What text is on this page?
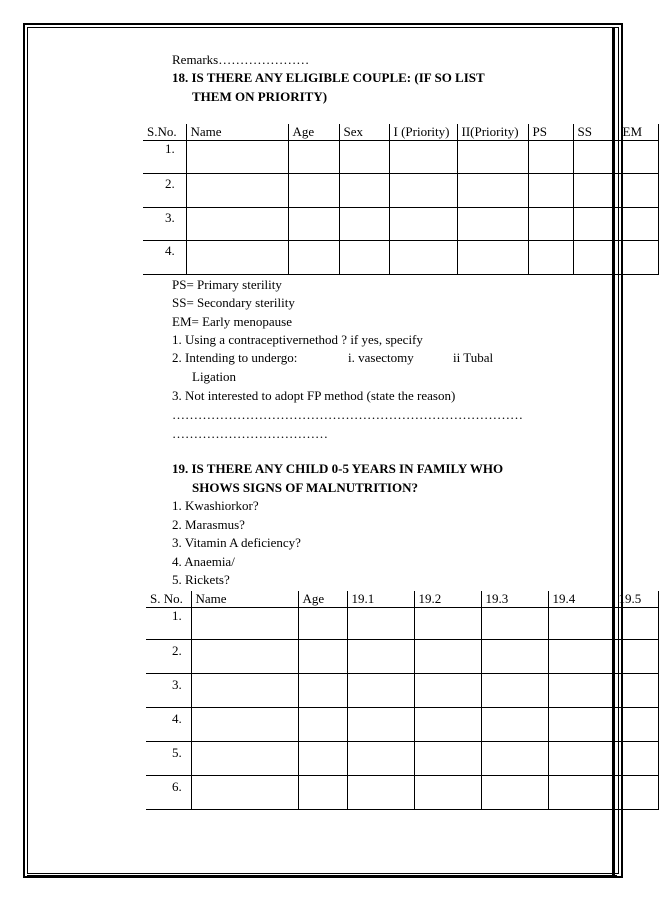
Remarks…………………
18. IS THERE ANY ELIGIBLE COUPLE: (IF SO LIST
THEM ON PRIORITY)
S.No.	Name	Age	Sex	I (Priority)	II(Priority)	PS	SS	EM
1.								
2.								
3.								
4.								
PS= Primary sterility
SS= Secondary sterility
EM= Early menopause
1. Using a contraceptivernethod ? if yes, specify
2. Intending to undergo:	i. vasectomy	ii Tubal
Ligation
3. Not interested to adopt FP method (state the reason)
………………………………………………………………………
………………………………
19. IS THERE ANY CHILD 0-5 YEARS IN FAMILY WHO
SHOWS SIGNS OF MALNUTRITION?
1. Kwashiorkor?
2. Marasmus?
3. Vitamin A deficiency?
4. Anaemia/
5. Rickets?
S. No.	Name	Age	19.1	19.2	19.3	19.4	19.5
1.							
2.							
3.							
4.							
5.							
6.							
